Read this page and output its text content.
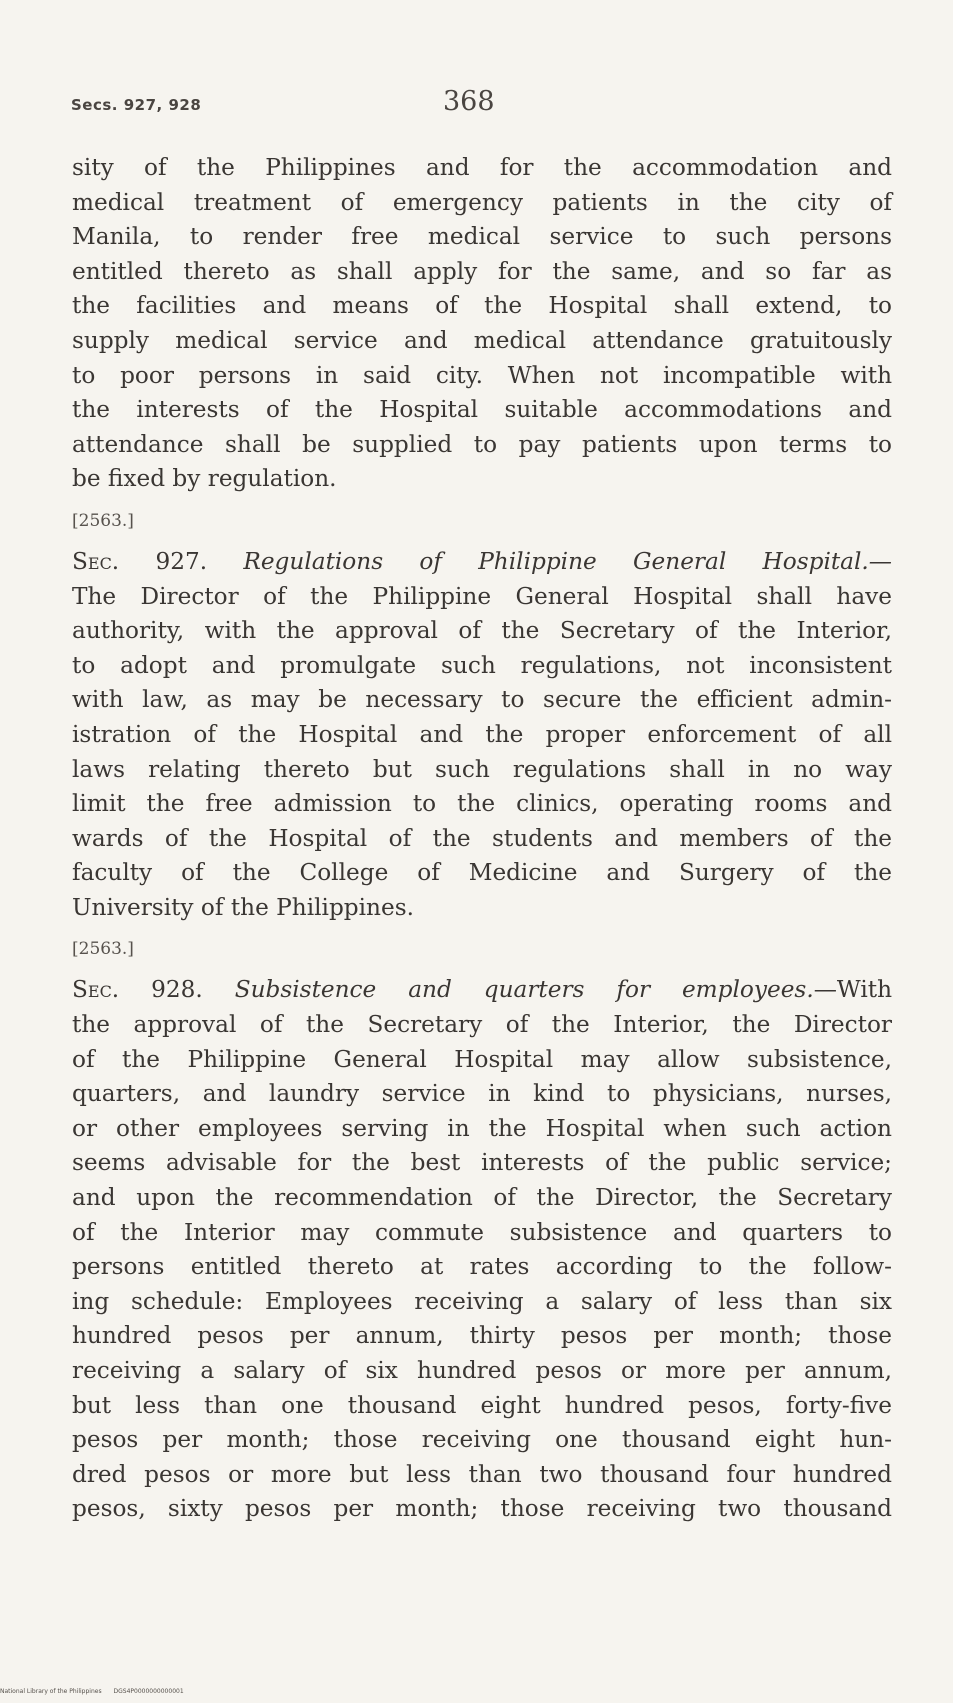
Secs. 927, 928	368

sity of the Philippines and for the accommodation and
medical treatment of emergency patients in the city of
Manila, to render free medical service to such persons
entitled thereto as shall apply for the same, and so far as
the facilities and means of the Hospital shall extend, to
supply medical service and medical attendance gratuitously
to poor persons in said city. When not incompatible with
the interests of the Hospital suitable accommodations and
attendance shall be supplied to pay patients upon terms to
be fixed by regulation.

[2563.]

Sec. 927. Regulations of Philippine General Hospital.—
The Director of the Philippine General Hospital shall have
authority, with the approval of the Secretary of the Interior,
to adopt and promulgate such regulations, not inconsistent
with law, as may be necessary to secure the efficient admin-
istration of the Hospital and the proper enforcement of all
laws relating thereto but such regulations shall in no way
limit the free admission to the clinics, operating rooms and
wards of the Hospital of the students and members of the
faculty of the College of Medicine and Surgery of the
University of the Philippines.

[2563.]

Sec. 928. Subsistence and quarters for employees.—With
the approval of the Secretary of the Interior, the Director
of the Philippine General Hospital may allow subsistence,
quarters, and laundry service in kind to physicians, nurses,
or other employees serving in the Hospital when such action
seems advisable for the best interests of the public service;
and upon the recommendation of the Director, the Secretary
of the Interior may commute subsistence and quarters to
persons entitled thereto at rates according to the follow-
ing schedule: Employees receiving a salary of less than six
hundred pesos per annum, thirty pesos per month; those
receiving a salary of six hundred pesos or more per annum,
but less than one thousand eight hundred pesos, forty-five
pesos per month; those receiving one thousand eight hun-
dred pesos or more but less than two thousand four hundred
pesos, sixty pesos per month; those receiving two thousand

National Library of the Philippines DGS4P0000000000001
